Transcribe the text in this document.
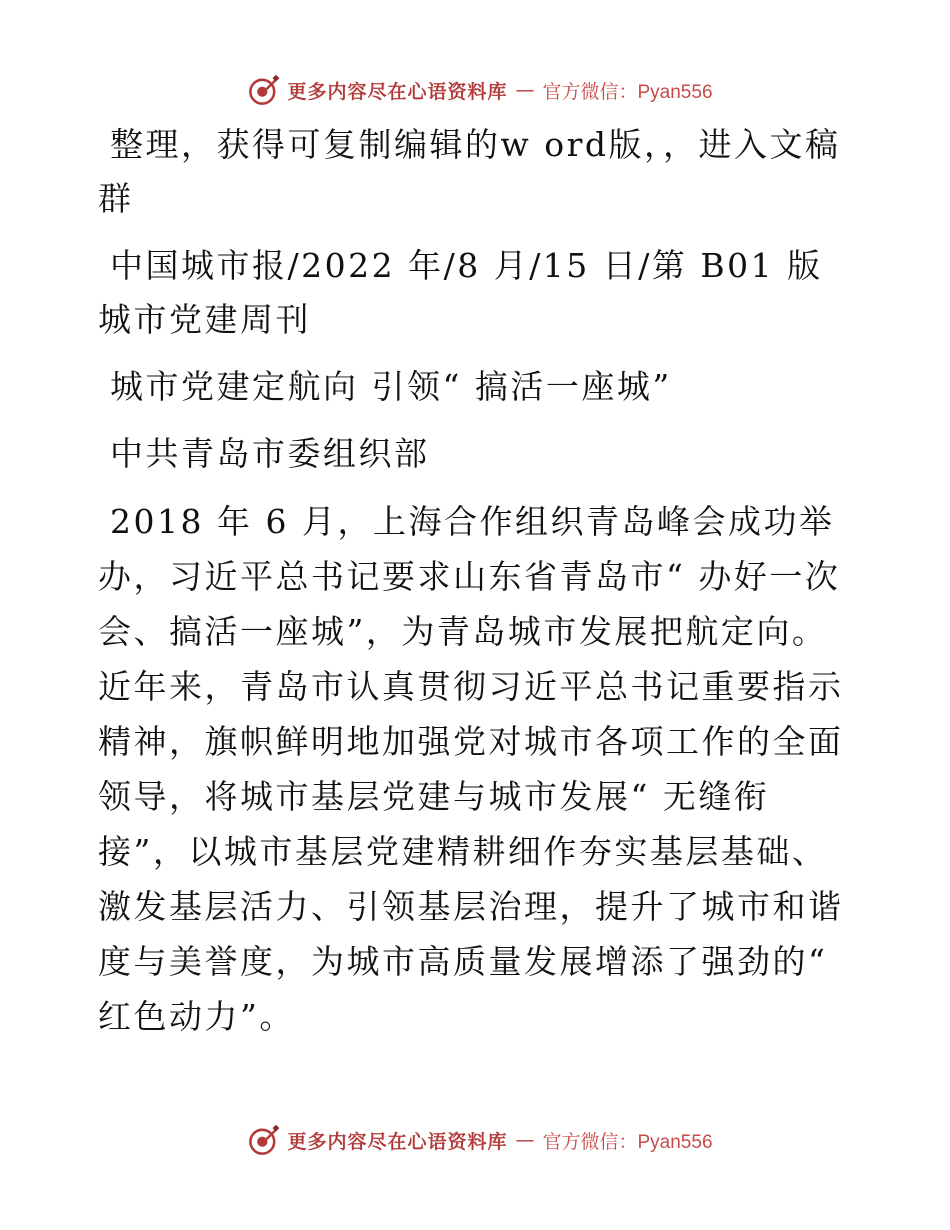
更多内容尽在心语资料库 — 官方微信：Pyan556

整理，获得可复制编辑的w ord版，，进入文稿群

中国城市报/2022 年/8 月/15 日/第 B01 版城市党建周刊

城市党建定航向 引领“ 搞活一座城”

中共青岛市委组织部

2018 年 6 月，上海合作组织青岛峰会成功举办，习近平总书记要求山东省青岛市“ 办好一次会、搞活一座城”，为青岛城市发展把航定向。近年来，青岛市认真贯彻习近平总书记重要指示精神，旗帜鲜明地加强党对城市各项工作的全面领导，将城市基层党建与城市发展“ 无缝衔接”，以城市基层党建精耕细作夯实基层基础、激发基层活力、引领基层治理，提升了城市和谐度与美誉度，为城市高质量发展增添了强劲的“ 红色动力”。

更多内容尽在心语资料库 — 官方微信：Pyan556
